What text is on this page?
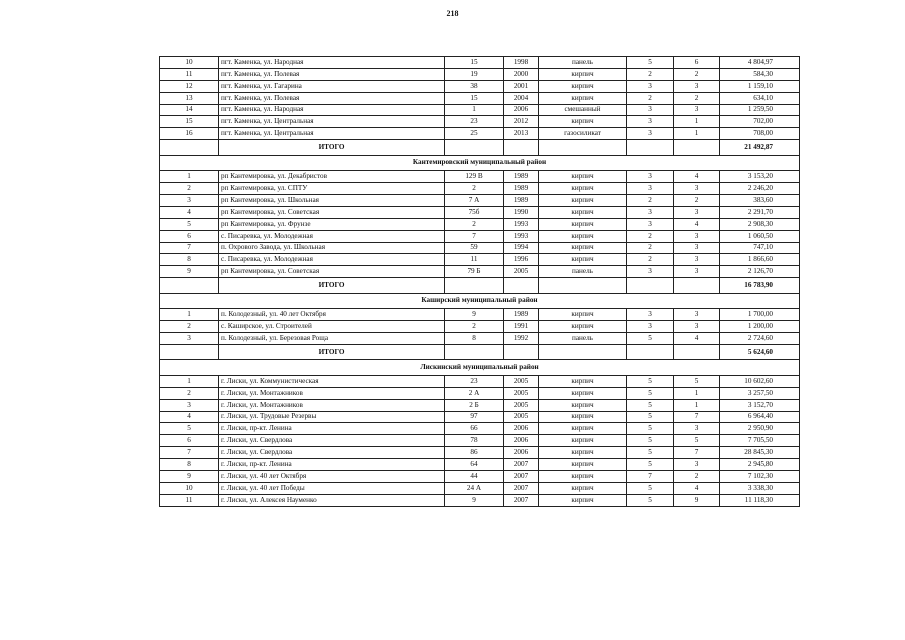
218
10	пгт. Каменка, ул. Народная	15	1998	панель	5	6	4 804,97
11	пгт. Каменка, ул. Полевая	19	2000	кирпич	2	2	584,30
12	пгт. Каменка, ул. Гагарина	38	2001	кирпич	3	3	1 159,10
13	пгт. Каменка, ул. Полевая	15	2004	кирпич	2	2	634,10
14	пгт. Каменка, ул. Народная	1	2006	смешанный	3	3	1 259,50
15	пгт. Каменка, ул. Центральная	23	2012	кирпич	3	1	702,00
16	пгт. Каменка, ул. Центральная	25	2013	газосиликат	3	1	708,00
	ИТОГО						21 492,87
Кантемировский муниципальный район							
1	рп Кантемировка, ул. Декабристов	129 В	1989	кирпич	3	4	3 153,20
2	рп Кантемировка, ул. СПТУ	2	1989	кирпич	3	3	2 246,20
3	рп Кантемировка, ул. Школьная	7 А	1989	кирпич	2	2	383,60
4	рп Кантемировка, ул. Советская	75б	1990	кирпич	3	3	2 291,70
5	рп Кантемировка, ул. Фрунзе	2	1993	кирпич	3	4	2 908,30
6	с. Писаревка, ул. Молодежная	7	1993	кирпич	2	3	1 060,50
7	п. Охрового Завода, ул. Школьная	59	1994	кирпич	2	3	747,10
8	с. Писаревка, ул. Молодежная	11	1996	кирпич	2	3	1 866,60
9	рп Кантемировка, ул. Советская	79 Б	2005	панель	3	3	2 126,70
	ИТОГО						16 783,90
Каширский муниципальный район							
1	п. Колодезный, ул. 40 лет Октября	9	1989	кирпич	3	3	1 700,00
2	с. Каширское, ул. Строителей	2	1991	кирпич	3	3	1 200,00
3	п. Колодезный, ул. Березовая Роща	8	1992	панель	5	4	2 724,60
	ИТОГО						5 624,60
Лискинский муниципальный район							
1	г. Лиски, ул. Коммунистическая	23	2005	кирпич	5	5	10 602,60
2	г. Лиски, ул. Монтажников	2 А	2005	кирпич	5	1	3 257,50
3	г. Лиски, ул. Монтажников	2 Б	2005	кирпич	5	1	3 152,70
4	г. Лиски, ул. Трудовые Резервы	97	2005	кирпич	5	7	6 964,40
5	г. Лиски, пр-кт. Ленина	66	2006	кирпич	5	3	2 950,90
6	г. Лиски, ул. Свердлова	78	2006	кирпич	5	5	7 705,50
7	г. Лиски, ул. Свердлова	86	2006	кирпич	5	7	28 845,30
8	г. Лиски, пр-кт. Ленина	64	2007	кирпич	5	3	2 945,80
9	г. Лиски, ул. 40 лет Октября	44	2007	кирпич	7	2	7 102,30
10	г. Лиски, ул. 40 лет Победы	24 А	2007	кирпич	5	4	3 338,30
11	г. Лиски, ул. Алексея Науменко	9	2007	кирпич	5	9	11 118,30
